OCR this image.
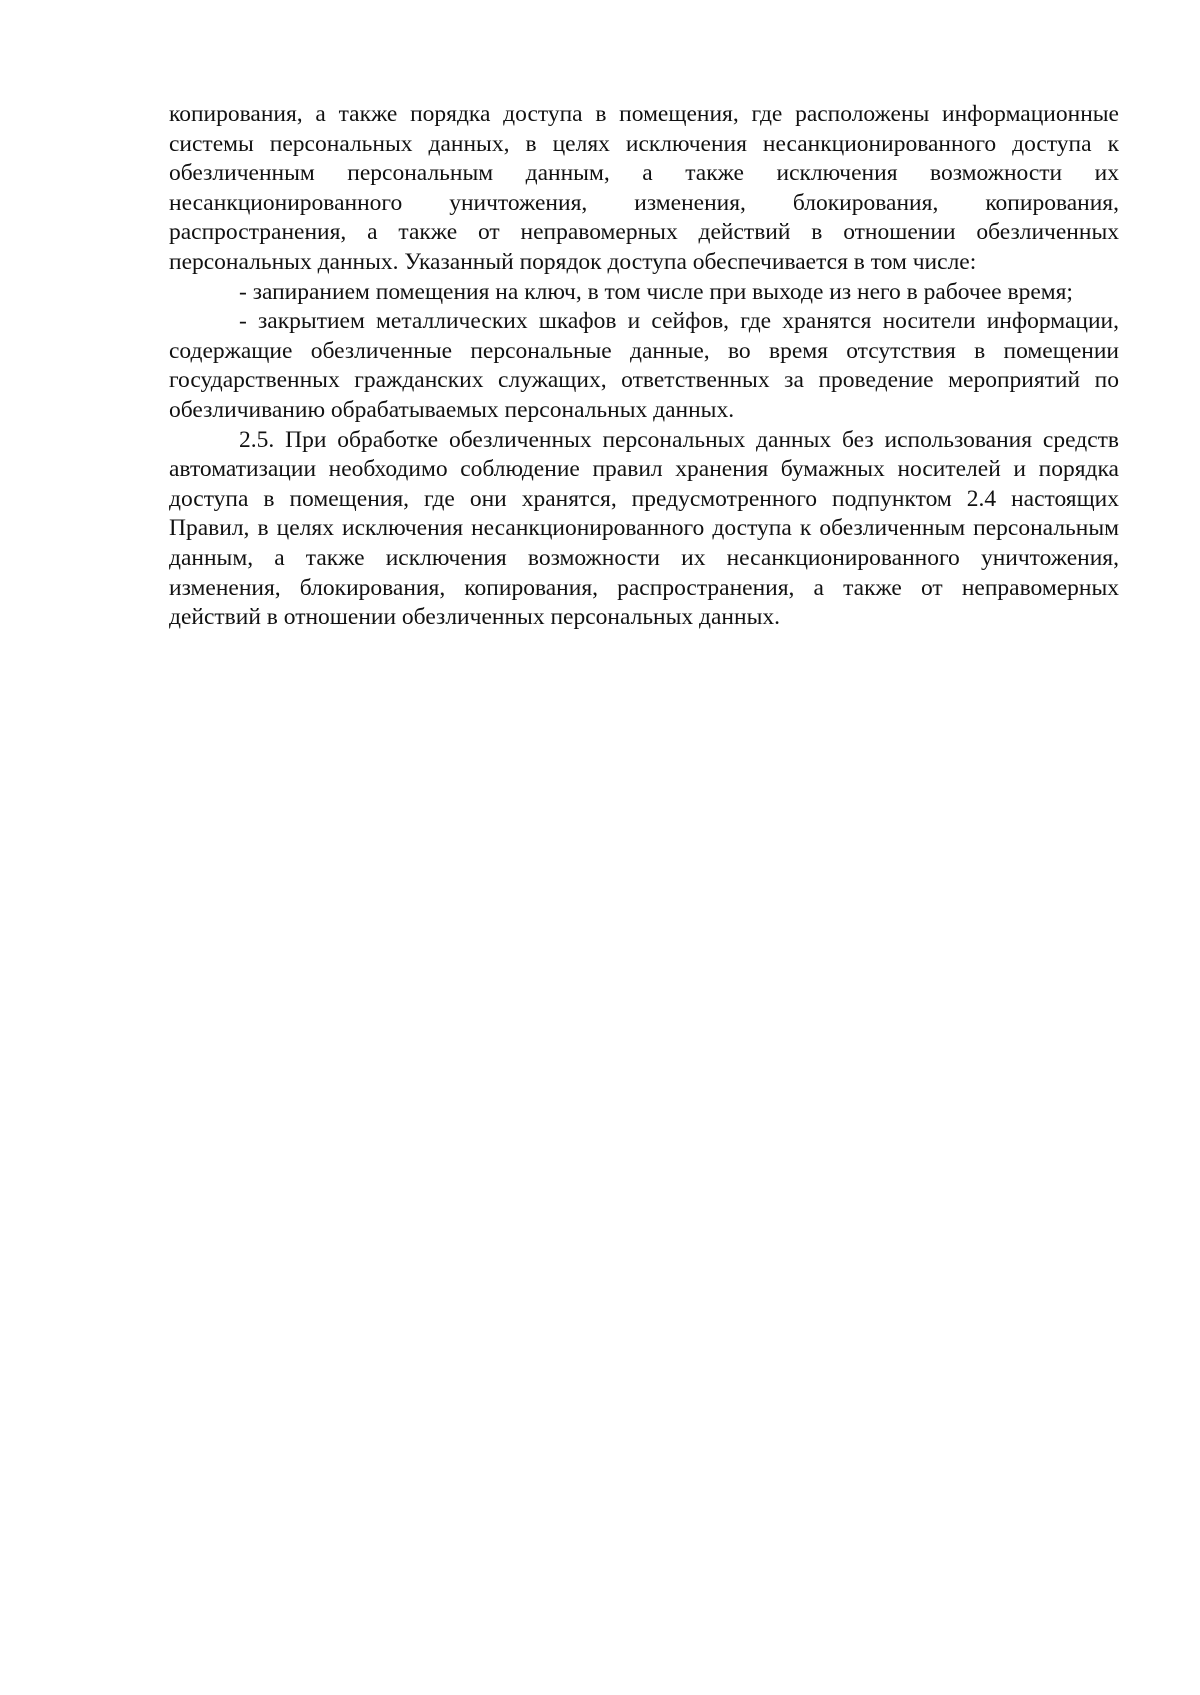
копирования, а также порядка доступа в помещения, где расположены информационные системы персональных данных, в целях исключения несанкционированного доступа к обезличенным персональным данным, а также исключения возможности их несанкционированного уничтожения, изменения, блокирования, копирования, распространения, а также от неправомерных действий в отношении обезличенных персональных данных. Указанный порядок доступа обеспечивается в том числе:

- запиранием помещения на ключ, в том числе при выходе из него в рабочее время;

- закрытием металлических шкафов и сейфов, где хранятся носители информации, содержащие обезличенные персональные данные, во время отсутствия в помещении государственных гражданских служащих, ответственных за проведение мероприятий по обезличиванию обрабатываемых персональных данных.

2.5. При обработке обезличенных персональных данных без использования средств автоматизации необходимо соблюдение правил хранения бумажных носителей и порядка доступа в помещения, где они хранятся, предусмотренного подпунктом 2.4 настоящих Правил, в целях исключения несанкционированного доступа к обезличенным персональным данным, а также исключения возможности их несанкционированного уничтожения, изменения, блокирования, копирования, распространения, а также от неправомерных действий в отношении обезличенных персональных данных.
